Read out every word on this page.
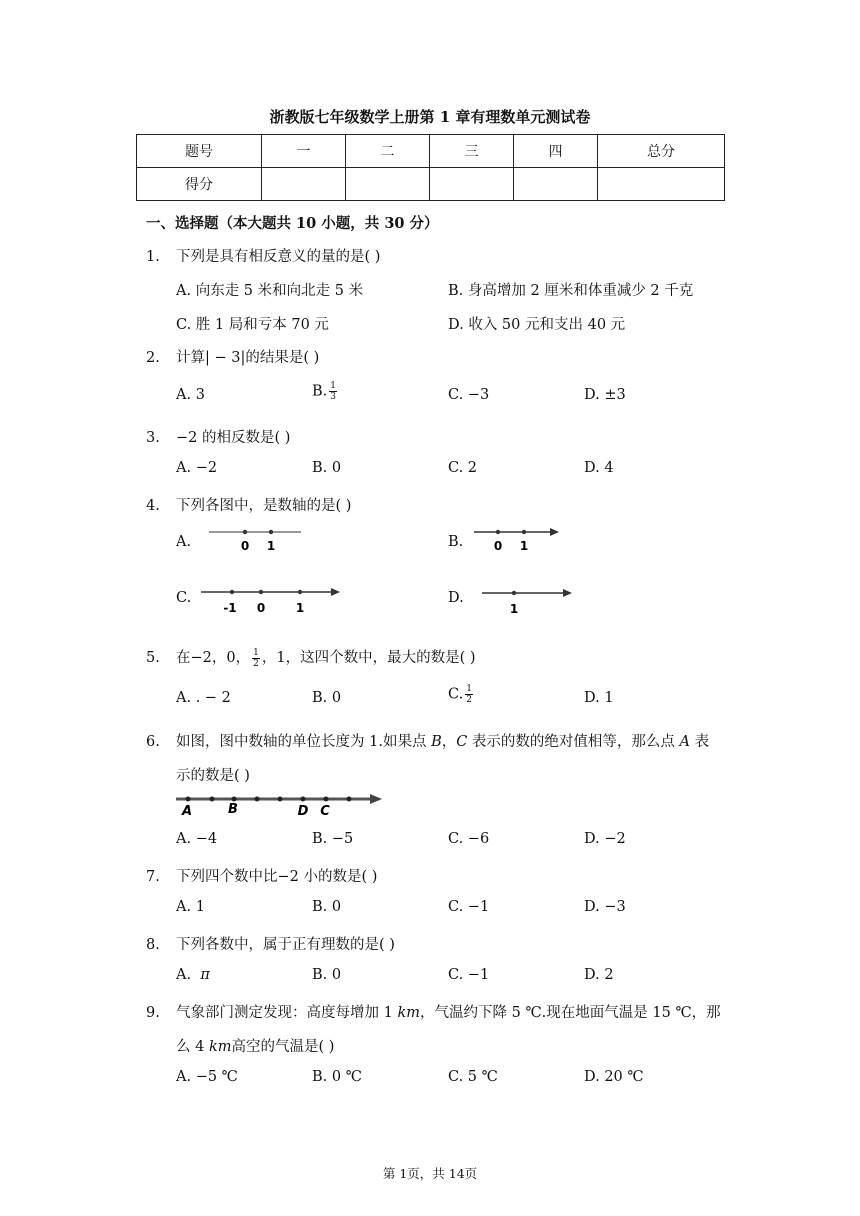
浙教版七年级数学上册第 1 章有理数单元测试卷
题号	一	二	三	四	总分
得分					
一、选择题（本大题共 10 小题，共 30 分）
1. 下列是具有相反意义的量的是( )
A. 向东走 5 米和向北走 5 米	B. 身高增加 2 厘米和体重减少 2 千克
C. 胜 1 局和亏本 70 元	D. 收入 50 元和支出 40 元
2. 计算| − 3|的结果是( )
A. 3	B. $\frac{1}{3}$	C. −3	D. ±3
3. −2 的相反数是( )
A. −2	B. 0	C. 2	D. 4
4. 下列各图中，是数轴的是( )
A.	0 1	B.	0 1
C.
-1 0	1
D.
1
5. 在−2，0， $\frac{1}{2}$ ，1，这四个数中，最大的数是( )
A. . − 2	B. 0	C. $\frac{1}{2}$	D. 1
6. 如图，图中数轴的单位长度为 1.如果点 B，C 表示的数的绝对值相等，那么点 A 表
示的数是( )
A	B	D C
A. −4	B. −5	C. −6	D. −2
7. 下列四个数中比−2 小的数是( )
A. 1	B. 0	C. −1	D. −3
8. 下列各数中，属于正有理数的是( )
A. π	B. 0	C. −1	D. 2
9. 气象部门测定发现：高度每增加 1 km，气温约下降 5 ℃.现在地面气温是 15 ℃，那
么 4 km高空的气温是( )
A. −5 ℃	B. 0 ℃	C. 5 ℃	D. 20 ℃
第 1页，共 14页
